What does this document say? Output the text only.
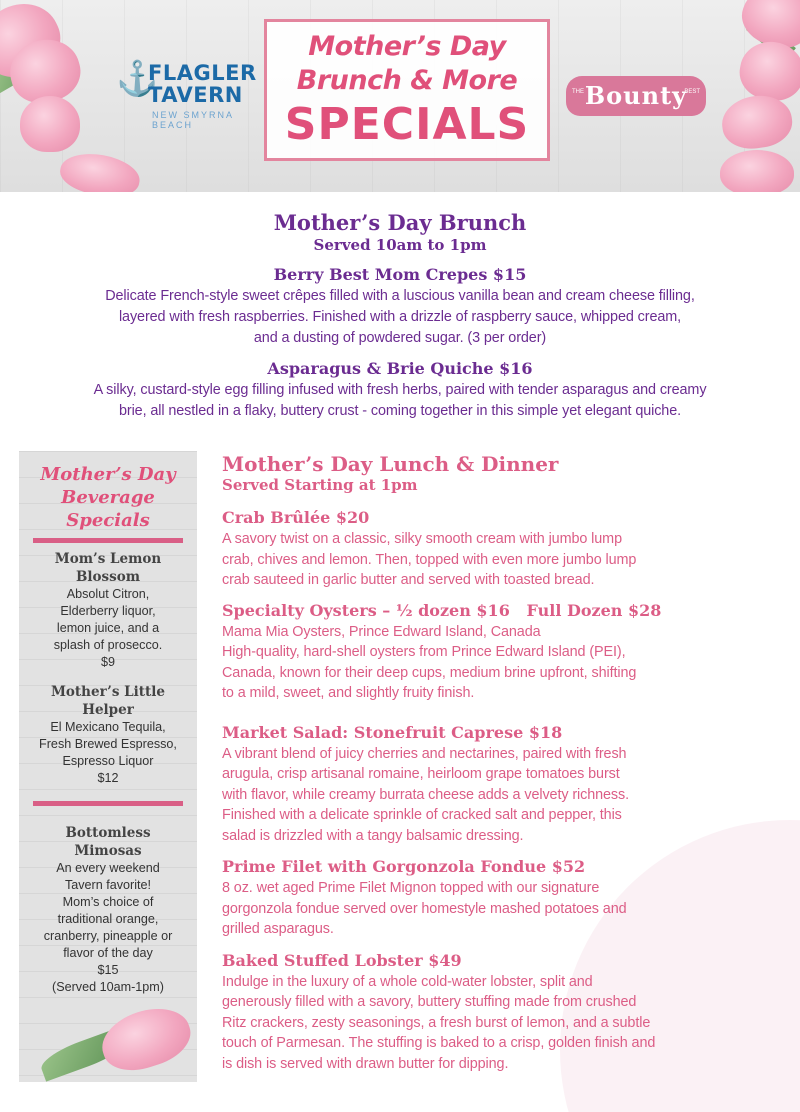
⚓
FLAGLER
TAVERN
NEW SMYRNA BEACH
Mother’s Day
Brunch & More
SPECIALS
THE Bounty
BEST
Mother’s Day Brunch
Served 10am to 1pm
Berry Best Mom Crepes $15
Delicate French-style sweet crêpes filled with a luscious vanilla bean and cream cheese filling,
layered with fresh raspberries. Finished with a drizzle of raspberry sauce, whipped cream,
and a dusting of powdered sugar. (3 per order)
Asparagus & Brie Quiche $16
A silky, custard-style egg filling infused with fresh herbs, paired with tender asparagus and creamy
brie, all nestled in a flaky, buttery crust - coming together in this simple yet elegant quiche.
Mother’s Day
Beverage
Specials
Mom’s Lemon
Blossom
Absolut Citron,
Elderberry liquor,
lemon juice, and a
splash of prosecco.
$9
Mother’s Little
Helper
El Mexicano Tequila,
Fresh Brewed Espresso,
Espresso Liquor
$12
Bottomless
Mimosas
An every weekend
Tavern favorite!
Mom’s choice of
traditional orange,
cranberry, pineapple or
flavor of the day
$15
(Served 10am-1pm)
Mother’s Day Lunch & Dinner
Served Starting at 1pm
Crab Brûlée $20
A savory twist on a classic, silky smooth cream with jumbo lump
crab, chives and lemon. Then, topped with even more jumbo lump
crab sauteed in garlic butter and served with toasted bread.
Specialty Oysters – ½ dozen $16   Full Dozen $28
Mama Mia Oysters, Prince Edward Island, Canada
High-quality, hard-shell oysters from Prince Edward Island (PEI),
Canada, known for their deep cups, medium brine upfront, shifting
to a mild, sweet, and slightly fruity finish.
Market Salad: Stonefruit Caprese $18
A vibrant blend of juicy cherries and nectarines, paired with fresh
arugula, crisp artisanal romaine, heirloom grape tomatoes burst
with flavor, while creamy burrata cheese adds a velvety richness.
Finished with a delicate sprinkle of cracked salt and pepper, this
salad is drizzled with a tangy balsamic dressing.
Prime Filet with Gorgonzola Fondue $52
8 oz. wet aged Prime Filet Mignon topped with our signature
gorgonzola fondue served over homestyle mashed potatoes and
grilled asparagus.
Baked Stuffed Lobster $49
Indulge in the luxury of a whole cold-water lobster, split and
generously filled with a savory, buttery stuffing made from crushed
Ritz crackers, zesty seasonings, a fresh burst of lemon, and a subtle
touch of Parmesan. The stuffing is baked to a crisp, golden finish and
is dish is served with drawn butter for dipping.
